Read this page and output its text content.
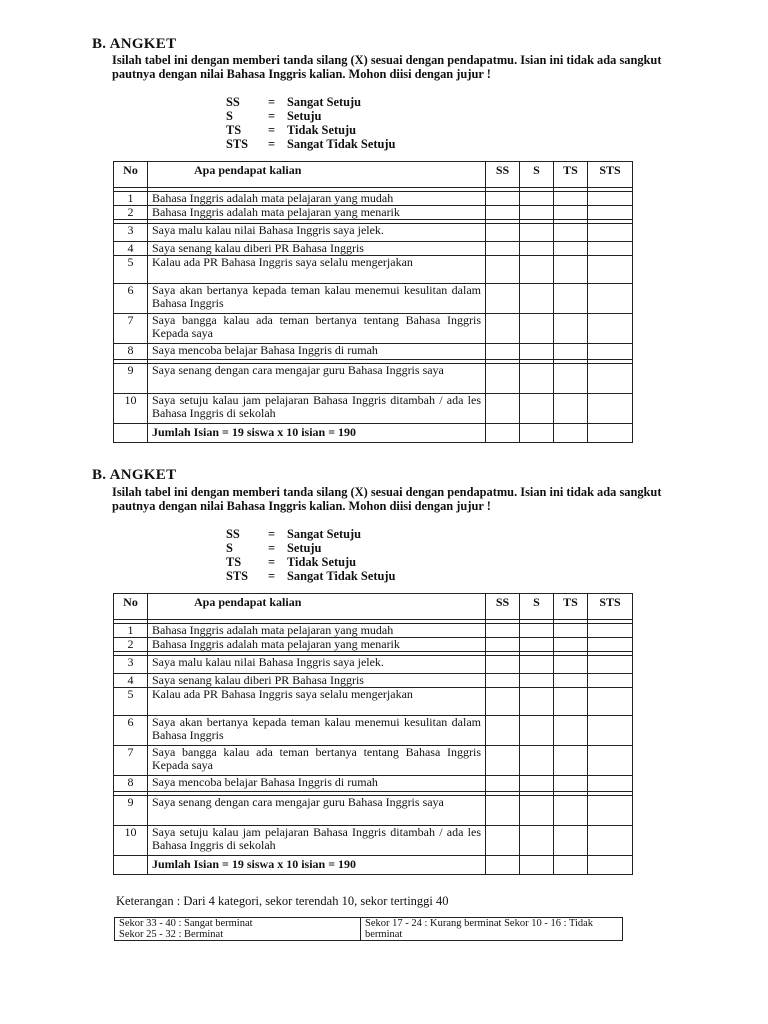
B. ANGKET
Isilah tabel ini dengan memberi tanda silang (X) sesuai dengan pendapatmu. Isian ini tidak ada sangkut pautnya dengan nilai Bahasa Inggris kalian. Mohon diisi dengan jujur !
SS	= Sangat Setuju
S	= Setuju
TS	= Tidak Setuju
STS	= Sangat Tidak Setuju
No	Apa pendapat kalian	SS	S	TS	STS

1	Bahasa Inggris adalah mata pelajaran yang mudah				
2	Bahasa Inggris adalah mata pelajaran yang menarik				

3	Saya malu kalau nilai Bahasa Inggris saya jelek.				
4	Saya senang kalau diberi PR Bahasa Inggris				
5	Kalau ada PR Bahasa Inggris saya selalu mengerjakan				
6	Saya akan bertanya kepada teman kalau menemui kesulitan dalam Bahasa Inggris				
7	Saya bangga kalau ada teman bertanya tentang Bahasa Inggris Kepada saya				
8	Saya mencoba belajar Bahasa Inggris di rumah				

9	Saya senang dengan cara mengajar guru Bahasa Inggris saya				
10	Saya setuju kalau jam pelajaran Bahasa Inggris ditambah / ada les Bahasa Inggris di sekolah				
	Jumlah Isian = 19 siswa x 10 isian = 190				
B. ANGKET
Isilah tabel ini dengan memberi tanda silang (X) sesuai dengan pendapatmu. Isian ini tidak ada sangkut pautnya dengan nilai Bahasa Inggris kalian. Mohon diisi dengan jujur !
SS	= Sangat Setuju
S	= Setuju
TS	= Tidak Setuju
STS	= Sangat Tidak Setuju
No	Apa pendapat kalian	SS	S	TS	STS

1	Bahasa Inggris adalah mata pelajaran yang mudah				
2	Bahasa Inggris adalah mata pelajaran yang menarik				

3	Saya malu kalau nilai Bahasa Inggris saya jelek.				
4	Saya senang kalau diberi PR Bahasa Inggris				
5	Kalau ada PR Bahasa Inggris saya selalu mengerjakan				
6	Saya akan bertanya kepada teman kalau menemui kesulitan dalam Bahasa Inggris				
7	Saya bangga kalau ada teman bertanya tentang Bahasa Inggris Kepada saya				
8	Saya mencoba belajar Bahasa Inggris di rumah				

9	Saya senang dengan cara mengajar guru Bahasa Inggris saya				
10	Saya setuju kalau jam pelajaran Bahasa Inggris ditambah / ada les Bahasa Inggris di sekolah				
	Jumlah Isian = 19 siswa x 10 isian = 190				
Keterangan : Dari 4 kategori, sekor terendah 10, sekor tertinggi 40
Sekor 33 - 40 : Sangat berminat
Sekor 25 - 32 : Berminat
	Sekor 17 - 24 : Kurang berminat Sekor 10 - 16 : Tidak berminat
